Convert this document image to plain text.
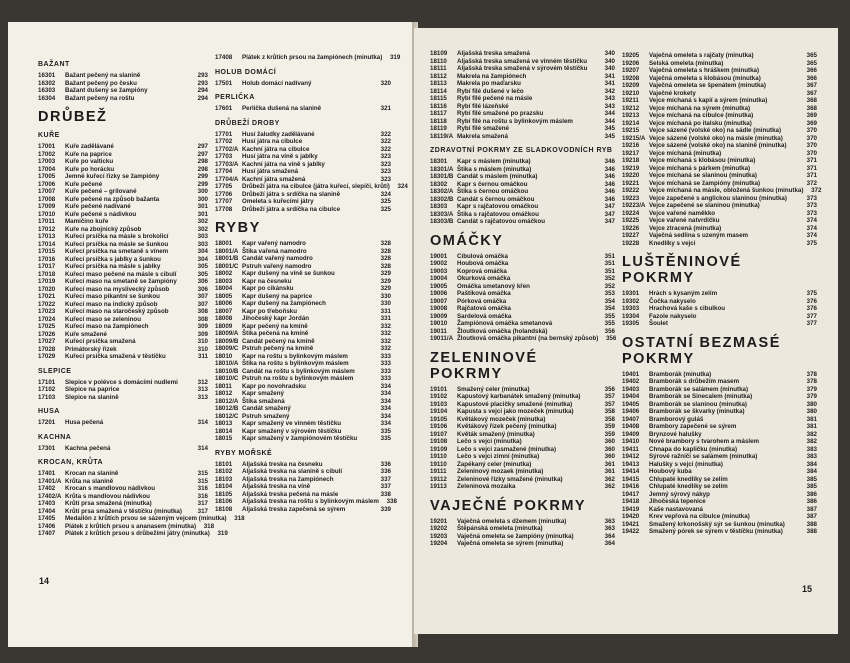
BAŽANT
16301	Bažant pečený na slanině	293
16302	Bažant pečený po česku	293
16303	Bažant dušený se žampióny	294
16304	Bažant pečený na roštu	294
DRŮBEŽ
KUŘE
17001	Kuře zadělávané	297
17002	Kuře na paprice	297
17003	Kuře po valticku	298
17004	Kuře po horácku	298
17005	Jemné kuřecí řízky se žampióny	299
17006	Kuře pečené	299
17007	Kuře pečené – grilované	300
17008	Kuře pečené na způsob bažanta	300
17009	Kuře pečené nadívané	301
17010	Kuře pečené s nádivkou	301
17011	Mamičino kuře	302
17012	Kuře na zbojnický způsob	302
17013	Kuřecí prsíčka na másle s brokolicí	303
17014	Kuřecí prsíčka na másle se šunkou	303
17015	Kuřecí prsíčka na smetaně s vínem	304
17016	Kuřecí prsíčka s jablky a šunkou	304
17017	Kuřecí prsíčka na másle s jablky	305
17018	Kuřecí maso pečené na másle s cibulí	305
17019	Kuřecí maso na smetaně se žampióny	306
17020	Kuřecí maso na myslivecký způsob	306
17021	Kuřecí maso pikantní se šunkou	307
17022	Kuřecí maso na indický způsob	307
17023	Kuřecí maso na staročeský způsob	308
17024	Kuřecí maso se zeleninou	308
17025	Kuřecí maso na žampiónech	309
17026	Kuře smažené	309
17027	Kuřecí prsíčka smažená	310
17028	Primátorský řízek	310
17029	Kuřecí prsíčka smažená v těstíčku	311
SLEPICE
17101	Slepice v polévce s domácími nudlemi	312
17102	Slepice na paprice	313
17103	Slepice na slanině	313
HUSA
17201	Husa pečená	314
KACHNA
17301	Kachna pečená	314
KROCAN, KRŮTA
17401	Krocan na slanině	315
17401/A Krůta na slanině	315
17402	Krocan s mandlovou nádivkou	316
17402/A Krůta s mandlovou nádivkou	316
17403	Krůtí prsa smažená (minutka)	317
17404	Krůtí prsa smažená v těstíčku (minutka)	317
17405	Medailón z krůtích prsou se sázeným vejcem (minutka)	318
17406	Plátek z krůtích prsou s ananasem (minutka)	318
17407	Plátek z krůtích prsou s drůbežími játry (minutka)	319
17408	Plátek z krůtích prsou na žampiónech (minutka)	319
HOLUB DOMÁCÍ
17501	Holub domácí nadívaný	320
PERLIČKA
17601	Perlička dušená na slanině	321
DRŮBEŽÍ DROBY
17701	Husí žaludky zadělávané	322
17702	Husí játra na cibulce	322
17702/A Kachní játra na cibulce	322
17703	Husí játra na víně s jablky	323
17703/A Kachní játra na víně s jablky	323
17704	Husí játra smažená	323
17704/A Kachní játra smažená	323
17705	Drůbeží játra na cibulce (játra kuřecí, slepičí, krůtí)	324
17706	Drůbeží játra s srdíčka na slanině	324
17707	Omeleta s kuřecími játry	325
17708	Drůbeží játra a srdíčka na cibulce	325
RYBY
18001	Kapr vařený namodro	328
18001/A Štika vařená namodro	328
18001/B Candát vařený namodro	328
18001/C Pstruh vařený namodro	328
18002	Kapr dušený na víně se šunkou	329
18003	Kapr na česneku	329
18004	Kapr po cikánsku	329
18005	Kapr dušený na paprice	330
18006	Kapr dušený na žampiónech	330
18007	Kapr po třeboňsku	331
18008	Jihočeský kapr Jordán	331
18009	Kapr pečený na kmíně	332
18009/A Štika pečená na kmíně	332
18009/B Candát pečený na kmíně	332
18009/C Pstruh pečený na kmíně	332
18010	Kapr na roštu s bylinkovým máslem	333
18010/A Štika na roštu s bylinkovým máslem	333
18010/B Candát na roštu s bylinkovým máslem	333
18010/C Pstruh na roštu s bylinkovým máslem	333
18011	Kapr po novohradsku	334
18012	Kapr smažený	334
18012/A Štika smažená	334
18012/B Candát smažený	334
18012/C Pstruh smažený	334
18013	Kapr smažený ve vinném těstíčku	334
18014	Kapr smažený v sýrovém těstíčku	335
18015	Kapr smažený v žampiónovém těstíčku	335
RYBY MOŘSKÉ
18101	Aljašská treska na česneku	336
18102	Aljašská treska na slanině s cibulí	336
18103	Aljašská treska na žampiónech	337
18104	Aljašská treska na víně	337
18105	Aljašská treska pečená na másle	338
18106	Aljašská treska na roštu s bylinkovým máslem	338
18108	Aljašská treska zapečená se sýrem	339
14
18109	Aljašská treska smažená	340
18110	Aljašská treska smažená ve vinném těstíčku	340
18111	Aljašská treska smažená v sýrovém těstíčku	340
18112	Makrela na žampiónech	341
18113	Makrela po maďarsku	341
18114	Rybí filé dušené v lečo	342
18115	Rybí filé pečené na másle	343
18116	Rybí filé lázeňské	343
18117	Rybí filé smažené po prazsku	344
18118	Rybí filé na roštu s bylinkovým máslem	344
18119	Rybí filé smažené	345
18119/A Makrela smažená	345
ZDRAVOTNÍ POKRMY ZE SLADKOVODNÍCH RYB
18301	Kapr s máslem (minutka)	346
18301/A Štika s máslem (minutka)	346
18301/B Candát s máslem (minutka)	346
18302	Kapr s černou omáčkou	346
18302/A Štika s černou omáčkou	346
18302/B Candát s černou omáčkou	346
18303	Kapr s rajčatovou omáčkou	347
18303/A Štika s rajčatovou omáčkou	347
18303/B Candát s rajčatovou omáčkou	347
OMÁČKY
19001	Cibulová omáčka	351
19002	Houbová omáčka	351
19003	Koprová omáčka	351
19004	Okurková omáčka	352
19005	Omáčka smetanový křen	352
19006	Paštiková omáčka	353
19007	Pórková omáčka	354
19008	Rajčatová omáčka	354
19009	Sardelová omáčka	355
19010	Žampiónová omáčka smetanová	355
19011	Žloutková omáčka (holandská)	356
19011/A Žloutková omáčka pikantní (na bernský způsob)	356
ZELENINOVÉ POKRMY
19101	Smažený celer (minutka)	356
19102	Kapustový karbanátek smažený (minutka)	357
19103	Kapustové placičky smažené (minutka)	357
19104	Kapusta s vejci jako mozeček (minutka)	358
19105	Květákový mozeček (minutka)	358
19106	Květákový řízek pečený (minutka)	359
19107	Květák smažený (minutka)	359
19108	Lečo s vejci (minutka)	360
19109	Lečo s vejci zasmažené (minutka)	360
19110	Lečo s vejci zimní (minutka)	360
19110	Zapékaný celer (minutka)	361
19111	Zeleninový mozaek (minutka)	361
19112	Zeleninové řízky smažené (minutka)	362
19113	Zeleninová mozaika	362
VAJEČNÉ POKRMY
19201	Vaječná omeleta s džemem (minutka)	363
19202	Štěpánská omeleta (minutka)	363
19203	Vaječná omeleta se žampióny (minutka)	364
19204	Vaječná omeleta se sýrem (minutka)	364
19205	Vaječná omeleta s rajčaty (minutka)	365
19206	Selská omeleta (minutka)	365
19207	Vaječná omeleta s hráškem (minutka)	366
19208	Vaječná omeleta s klobásou (minutka)	366
19209	Vaječná omeleta se špenátem (minutka)	367
19210	Vaječné krokety	367
19211	Vejce míchaná s kapií a sýrem (minutka)	368
19212	Vejce míchaná na sýrem (minutka)	368
19213	Vejce míchaná na cibulce (minutka)	369
19214	Vejce míchaná po italsku (minutka)	369
19215	Vejce sázené (volské oko) na sádle (minutka)	370
19215/A Vejce sázené (volské oko) na másle (minutka)	370
19216	Vejce sázené (volské oko) na slanině (minutka)	370
19217	Vejce míchaná (minutka)	370
19218	Vejce míchaná s klobásou (minutka)	371
19219	Vejce míchaná s párkem (minutka)	371
19220	Vejce míchaná se slaninou (minutka)	371
19221	Vejce míchaná se žampióny (minutka)	372
19222	Vejce míchaná na másle, obložená šunkou (minutka)	372
19223	Vejce zapečené s anglickou slaninou (minutka)	373
19223/A Vejce zapečené se slaninou (minutka)	373
19224	Vejce vařené naměkko	373
19225	Vejce vařené natvrdičku	374
19226	Vejce ztracená (minutka)	374
19227	Vaječná sedlina s uzeným masem	374
19228	Knedlíky s vejci	375
LUŠTĚNINOVÉ POKRMY
19301	Hrách s kysaným zelím	375
19302	Čočka nakyselo	376
19303	Hrachová kaše s cibulkou	376
19304	Fazole nakyselo	377
19305	Šoulet	377
OSTATNÍ BEZMASÉ POKRMY
19401	Bramborák (minutka)	378
19402	Bramborák s drůbežím masem	378
19403	Bramborák se salámem (minutka)	379
19404	Bramborák se Sinecalem (minutka)	379
19405	Bramborák se slaninou (minutka)	380
19406	Bramborák se škvarky (minutka)	380
19407	Bramborový guláš	381
19408	Brambory zapečené se sýrem	381
19409	Brynzové halušky	382
19410	Nové brambory s tvarohem a máslem	382
19411	Chnapa do kapličku (minutka)	383
19412	Sýrové ražniči se salámem (minutka)	383
19413	Halušky s vejci (minutka)	384
19414	Houbový kuba	384
19415	Chlupaté knedlíky se zelím	385
19416	Chlupaté knedlíky se zelím	385
19417	Jemný sýrový nákyp	386
19418	Jihočeská tepenice	386
19419	Kaše nastavovaná	387
19420	Krev vepřová na cibulce (minutka)	387
19421	Smažený krkonošský sýr se šunkou (minutka)	388
19422	Smažený pórek se sýrem v těstíčku (minutka)	388
15
